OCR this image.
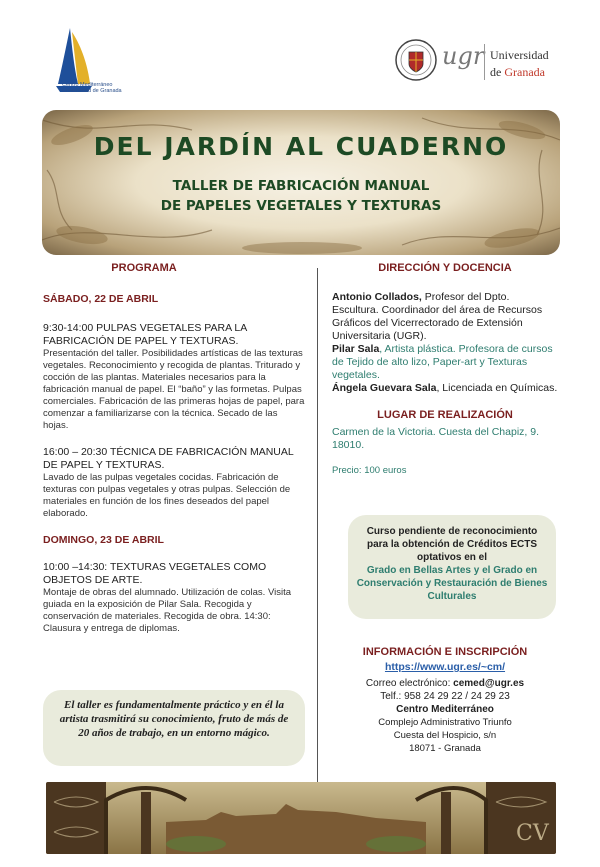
Centro Mediterráneo
Universidad de Granada
ugr Universidad
de Granada
DEL JARDÍN AL CUADERNO
TALLER DE FABRICACIÓN MANUAL
DE PAPELES VEGETALES Y TEXTURAS
PROGRAMA
SÁBADO, 22 DE ABRIL
9:30-14:00 PULPAS VEGETALES PARA LA FABRICACIÓN DE PAPEL Y TEXTURAS.
Presentación del taller. Posibilidades artísticas de las texturas vegetales. Reconocimiento y recogida de plantas. Triturado y cocción de las plantas. Materiales necesarios para la fabricación manual de papel. El “baño” y las formetas. Pulpas comerciales. Fabricación de las primeras hojas de papel, para comenzar a familiarizarse con la técnica. Secado de las hojas.
16:00 – 20:30 TÉCNICA DE FABRICACIÓN MANUAL DE PAPEL Y TEXTURAS.
Lavado de las pulpas vegetales cocidas. Fabricación de texturas con pulpas vegetales y otras pulpas. Selección de materiales en función de los fines deseados del papel elaborado.
DOMINGO, 23 DE ABRIL
10:00 –14:30: TEXTURAS VEGETALES COMO OBJETOS DE ARTE.
Montaje de obras del alumnado. Utilización de colas. Visita guiada en la exposición de Pilar Sala. Recogida y conservación de materiales. Recogida de obra. 14:30: Clausura y entrega de diplomas.
El taller es fundamentalmente práctico y en él la artista trasmitirá su conocimiento, fruto de más de 20 años de trabajo, en un entorno mágico.
DIRECCIÓN Y DOCENCIA
Antonio Collados, Profesor del Dpto. Escultura. Coordinador del área de Recursos Gráficos del Vicerrectorado de Extensión Universitaria (UGR).
Pilar Sala, Artista plástica. Profesora de cursos de Tejido de alto lizo, Paper-art y Texturas vegetales.
Ángela Guevara Sala, Licenciada en Químicas.
LUGAR DE REALIZACIÓN
Carmen de la Victoria. Cuesta del Chapiz, 9. 18010.
Precio: 100 euros
Curso pendiente de reconocimiento para la obtención de Créditos ECTS optativos en el
Grado en Bellas Artes y el Grado en Conservación y Restauración de Bienes Culturales
INFORMACIÓN E INSCRIPCIÓN
https://www.ugr.es/~cm/
Correo electrónico: cemed@ugr.es
Telf.: 958 24 29 22 / 24 29 23
Centro Mediterráneo
Complejo Administrativo Triunfo
Cuesta del Hospicio, s/n
18071 - Granada
CV
